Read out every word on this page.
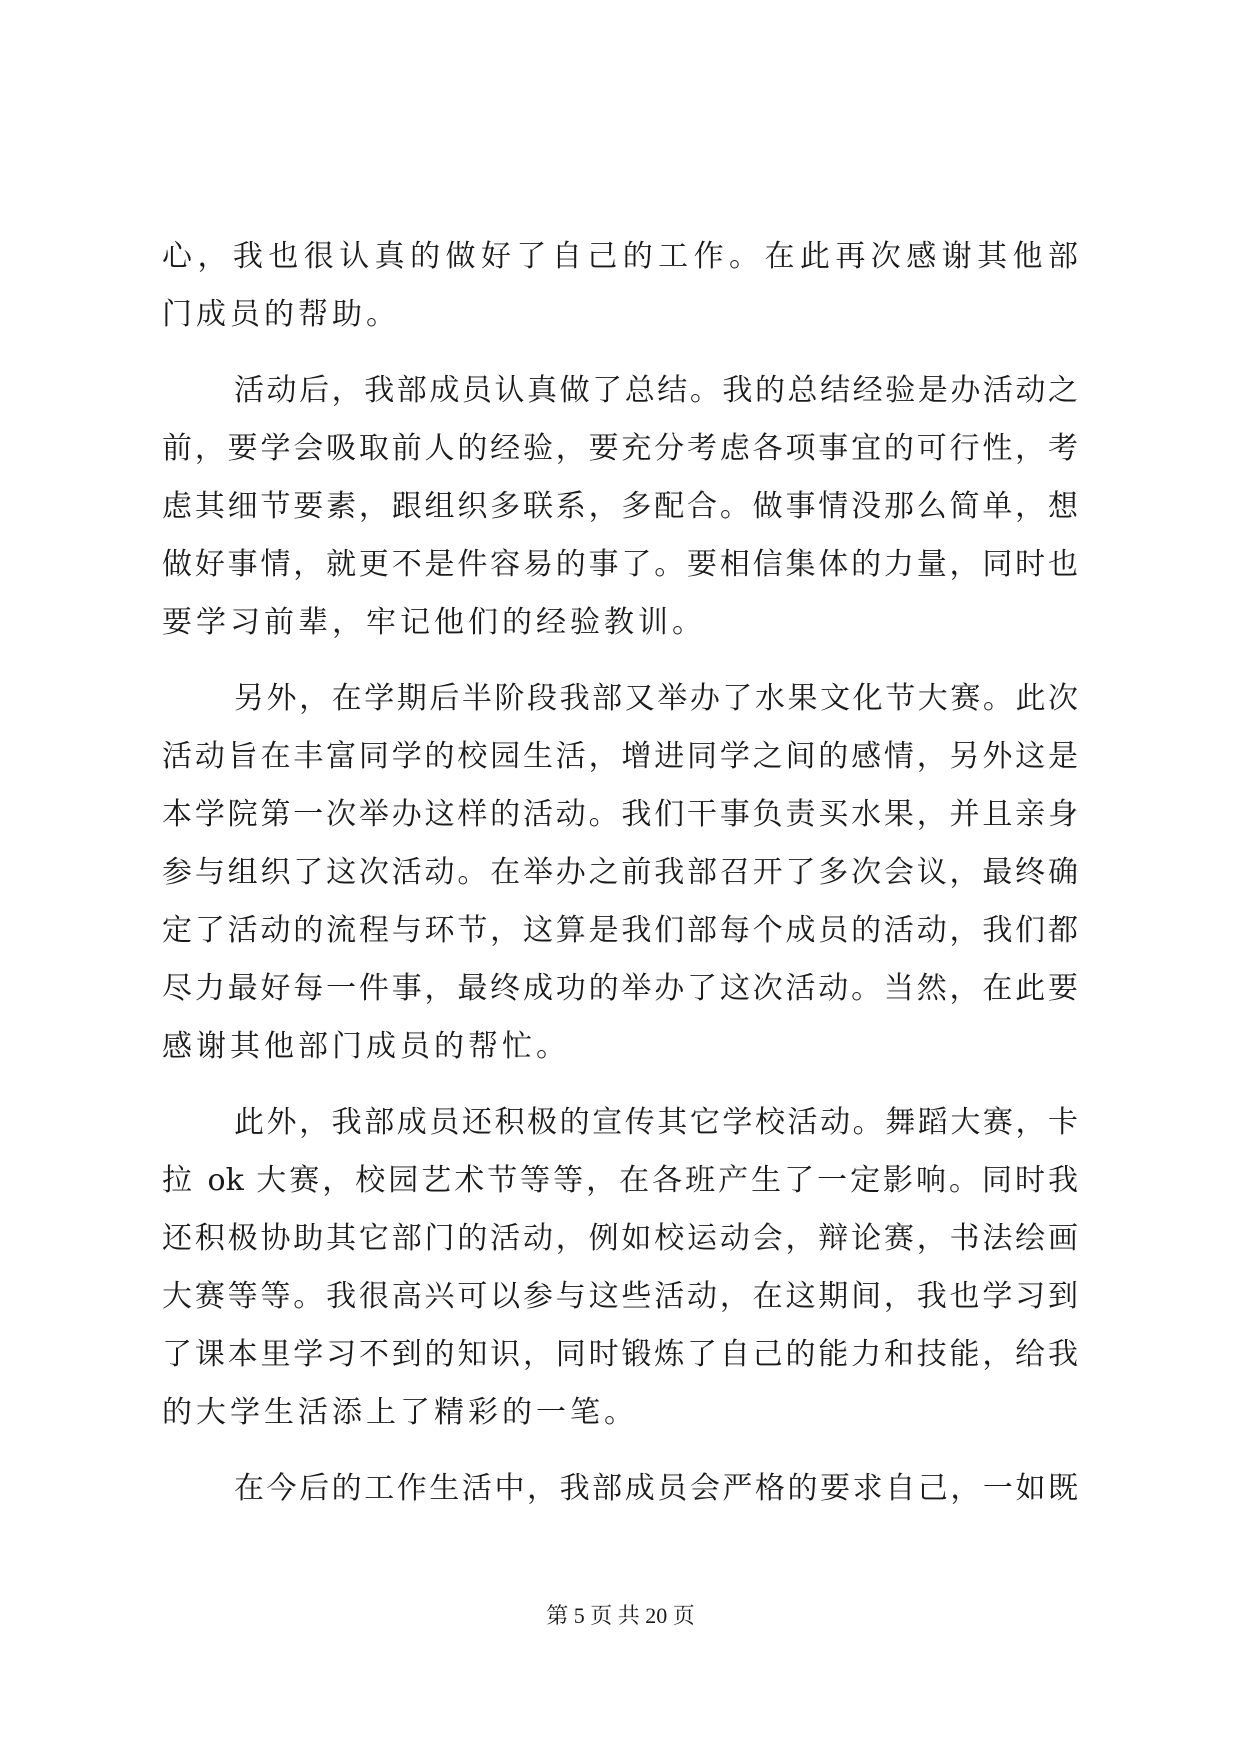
心，我也很认真的做好了自己的工作。在此再次感谢其他部
门成员的帮助。
活动后，我部成员认真做了总结。我的总结经验是办活动之
前，要学会吸取前人的经验，要充分考虑各项事宜的可行性，考
虑其细节要素，跟组织多联系，多配合。做事情没那么简单，想
做好事情，就更不是件容易的事了。要相信集体的力量，同时也
要学习前辈，牢记他们的经验教训。
另外，在学期后半阶段我部又举办了水果文化节大赛。此次
活动旨在丰富同学的校园生活，增进同学之间的感情，另外这是
本学院第一次举办这样的活动。我们干事负责买水果，并且亲身
参与组织了这次活动。在举办之前我部召开了多次会议，最终确
定了活动的流程与环节，这算是我们部每个成员的活动，我们都
尽力最好每一件事，最终成功的举办了这次活动。当然，在此要
感谢其他部门成员的帮忙。
此外，我部成员还积极的宣传其它学校活动。舞蹈大赛，卡
拉 ok 大赛，校园艺术节等等，在各班产生了一定影响。同时我
还积极协助其它部门的活动，例如校运动会，辩论赛，书法绘画
大赛等等。我很高兴可以参与这些活动，在这期间，我也学习到
了课本里学习不到的知识，同时锻炼了自己的能力和技能，给我
的大学生活添上了精彩的一笔。
在今后的工作生活中，我部成员会严格的要求自己，一如既
第 5 页 共 20 页
